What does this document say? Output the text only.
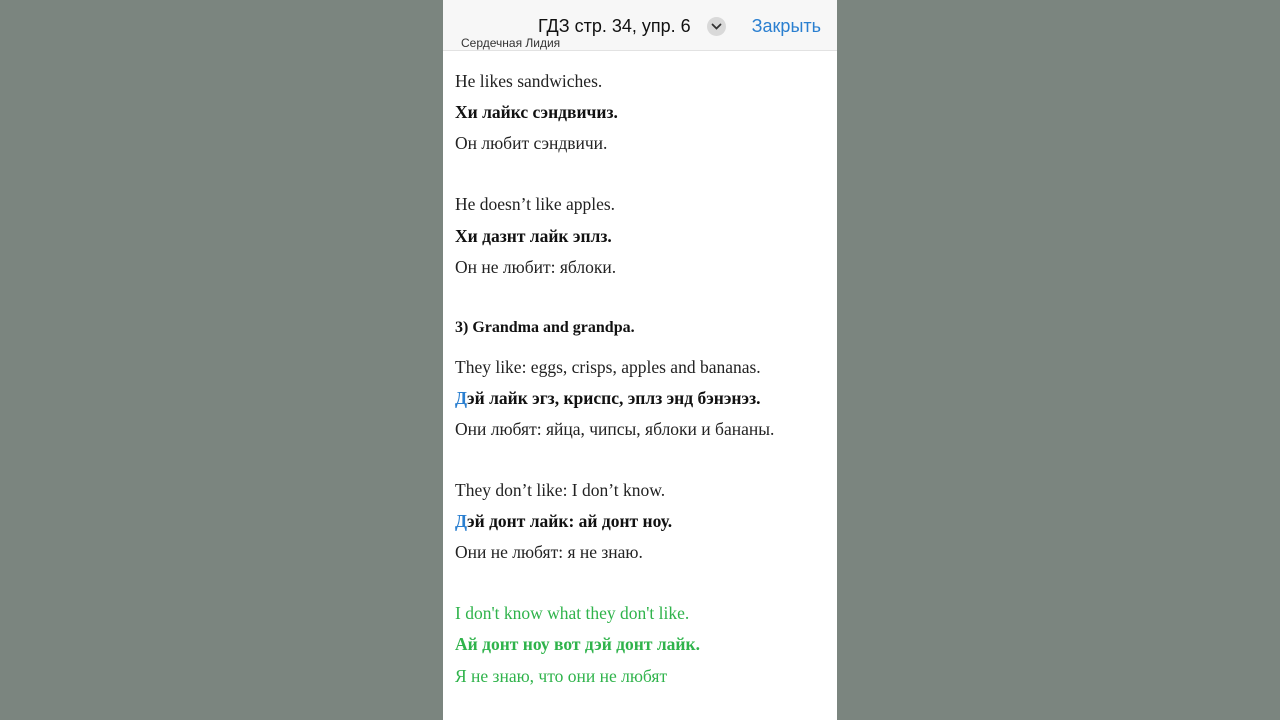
ГДЗ стр. 34, упр. 6	Закрыть
Сердечная Лидия
He likes sandwiches.
Хи лайкс сэндвичиз.
Он любит сэндвичи.
He doesn’t like apples.
Хи дазнт лайк эплз.
Он не любит: яблоки.
3) Grandma and grandpa.
They like: eggs, crisps, apples and bananas.
Дэй лайк эгз, криспс, эплз энд бэнэнэз.
Они любят: яйца, чипсы, яблоки и бананы.
They don’t like: I don’t know.
Дэй донт лайк: ай донт ноу.
Они не любят: я не знаю.
I don't know what they don't like.
Ай донт ноу вот дэй донт лайк.
Я не знаю, что они не любят
